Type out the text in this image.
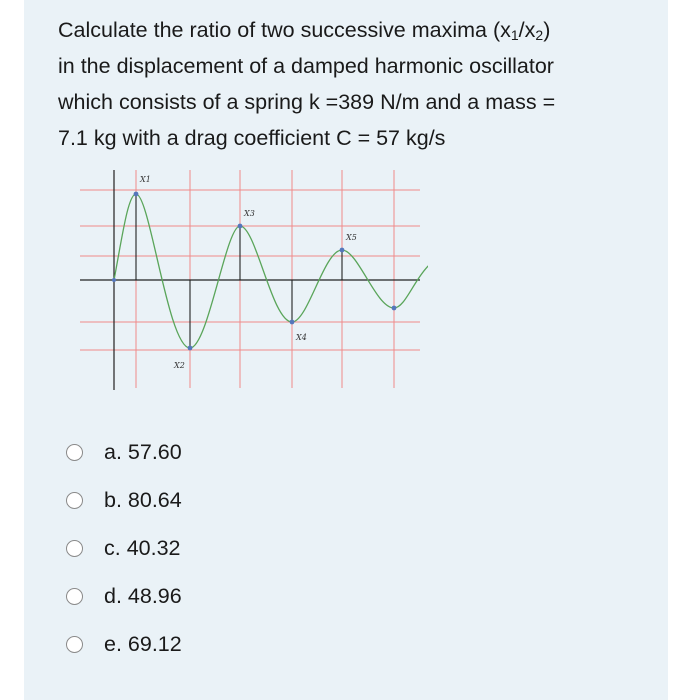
Calculate the ratio of two successive maxima $(x_1/x_2)$
in the displacement of a damped harmonic oscillator
which consists of a spring k =389 N/m and a mass =
7.1 kg with a drag coefficient C = 57 kg/s
X1
X2
X3
X4
X5
a. 57.60
b. 80.64
c. 40.32
d. 48.96
e. 69.12
